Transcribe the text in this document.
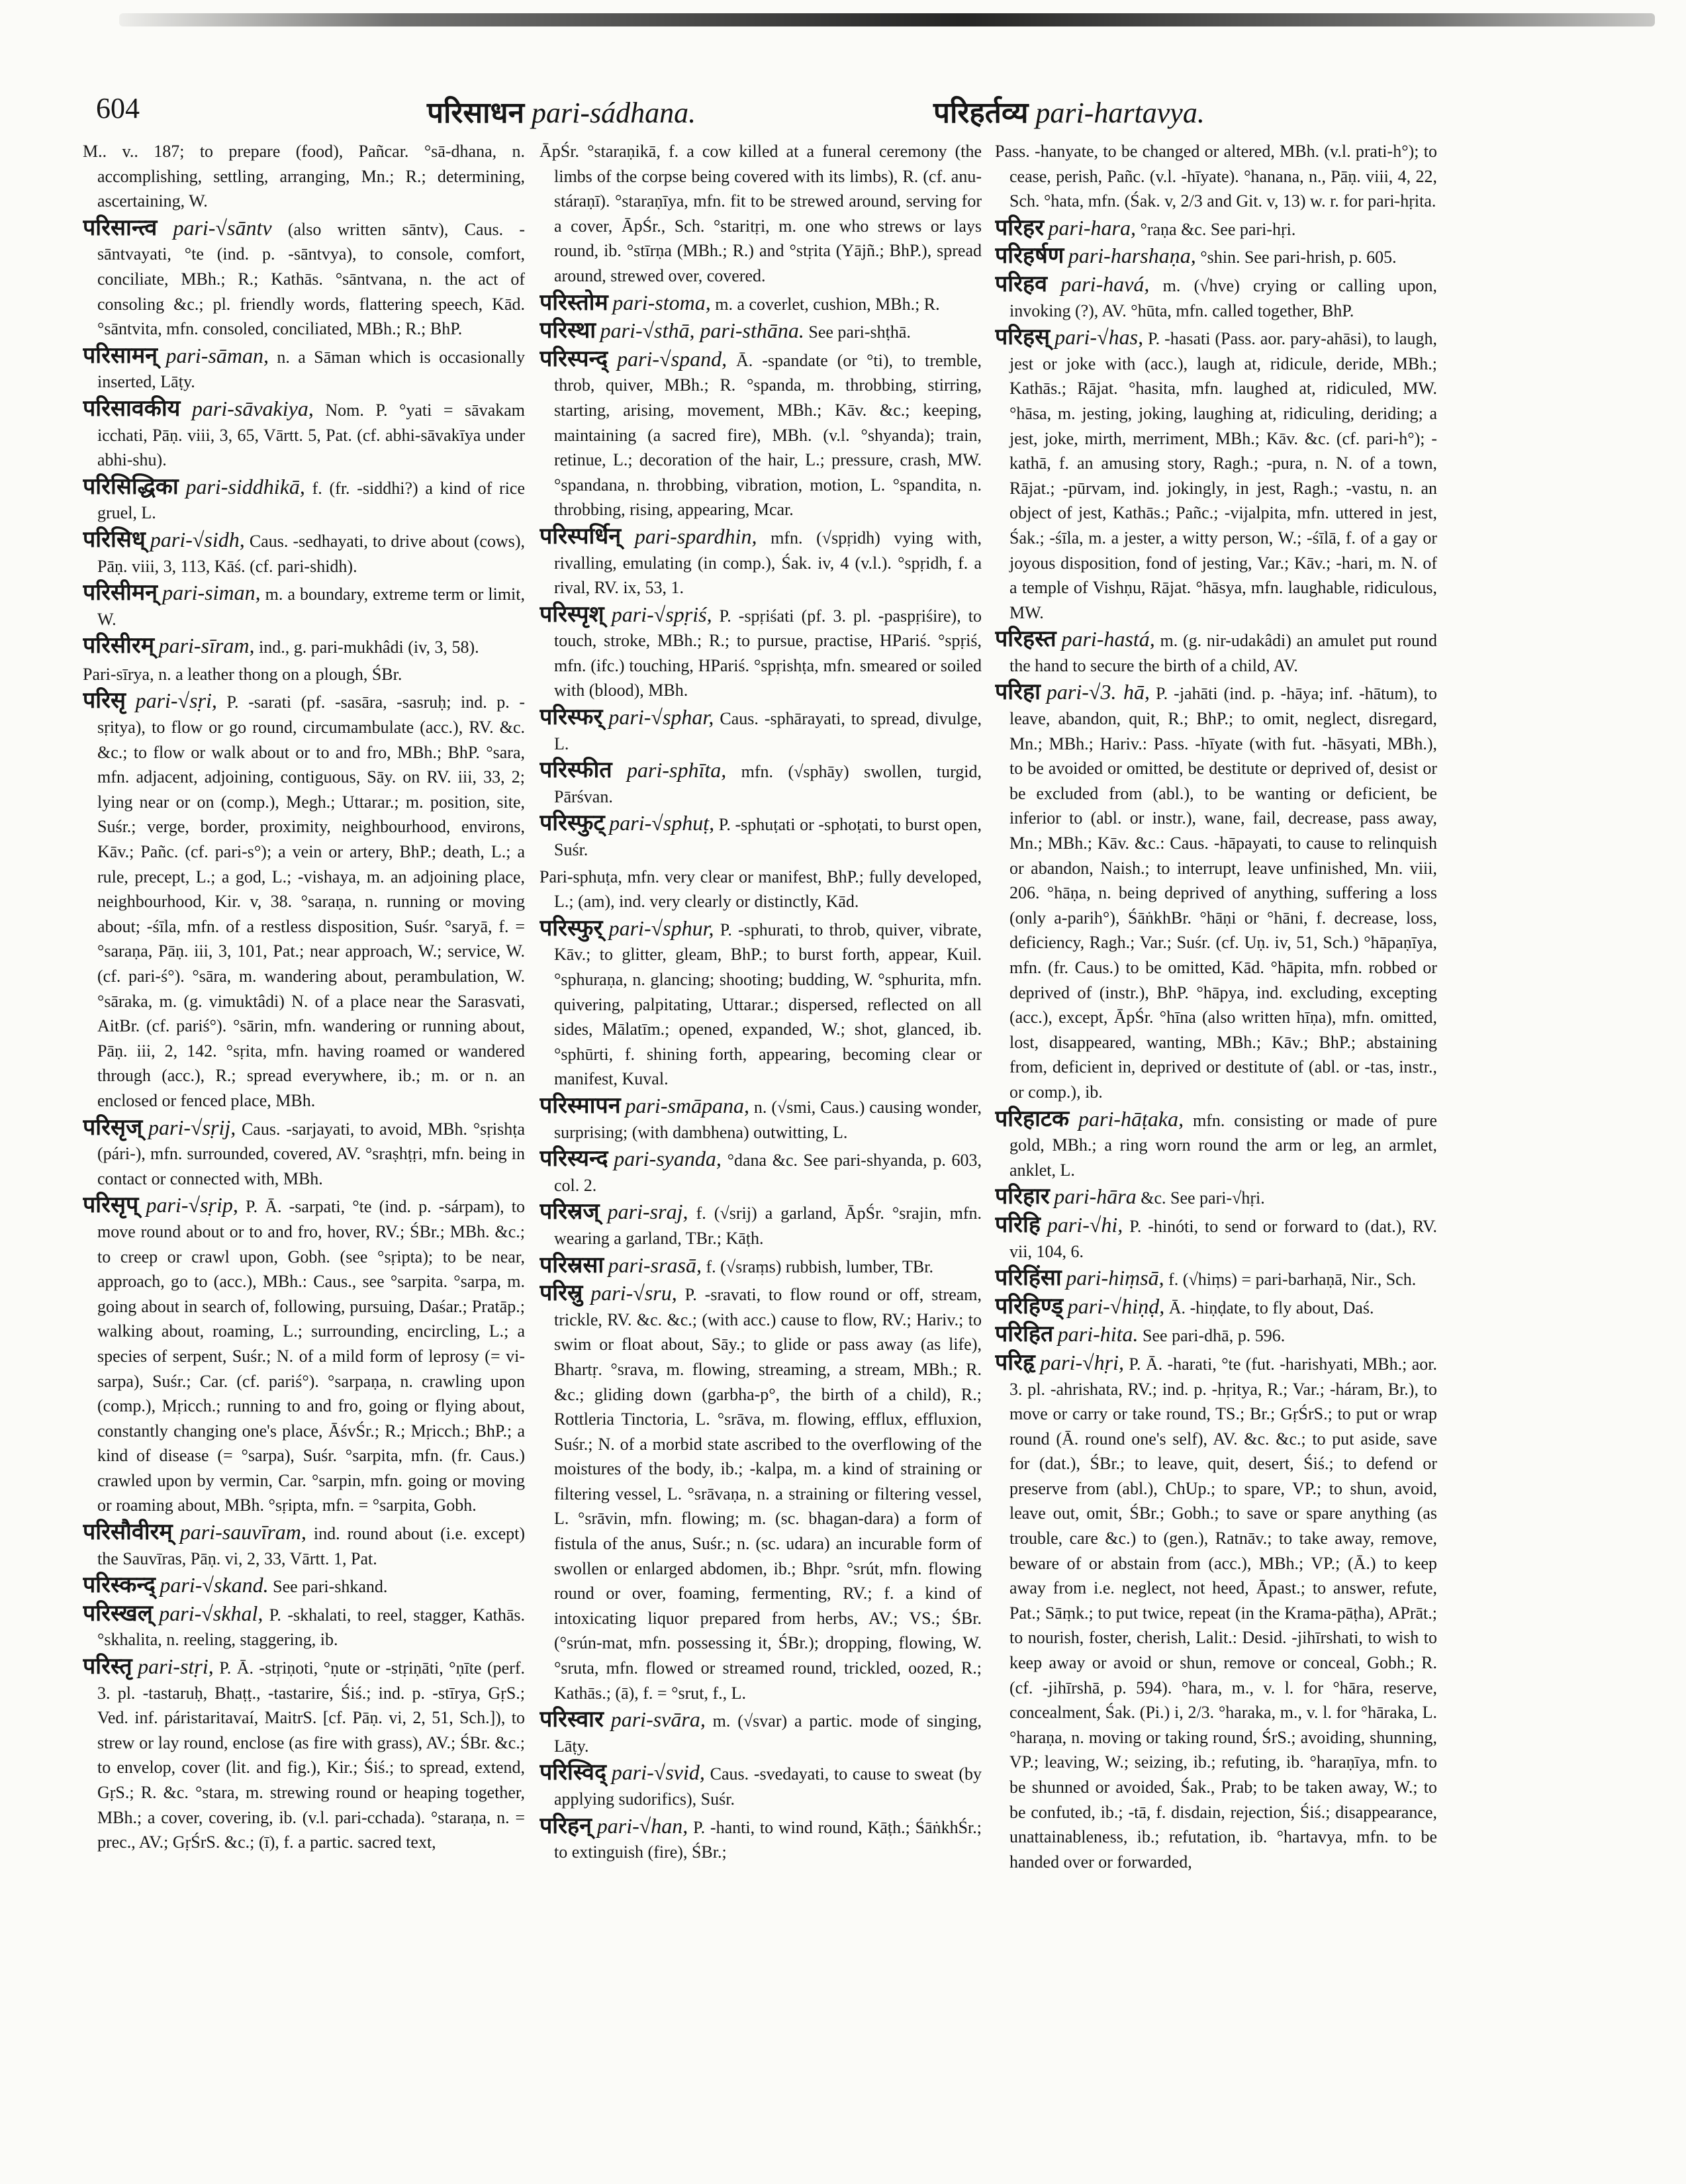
604	परिसाधन pari-sádhana.	परिहर्तव्य pari-hartavya.

M.. v.. 187; to prepare (food), Pañcar. °sā-dhana, n. accomplishing, settling, arranging, Mn.; R.; determining, ascertaining, W.

परिसान्त्व pari-√sāntv (also written sāntv), Caus. -sāntvayati, °te (ind. p. -sāntvya), to console, comfort, conciliate, MBh.; R.; Kathās. °sāntvana, n. the act of consoling &c.; pl. friendly words, flattering speech, Kād. °sāntvita, mfn. consoled, conciliated, MBh.; R.; BhP.

परिसामन् pari-sāman, n. a Sāman which is occasionally inserted, Lāṭy.

परिसावकीय pari-sāvakiya, Nom. P. °yati = sāvakam icchati, Pāṇ. viii, 3, 65, Vārtt. 5, Pat. (cf. abhi-sāvakīya under abhi-shu).

परिसिद्धिका pari-siddhikā, f. (fr. -siddhi?) a kind of rice gruel, L.

परिसिध् pari-√sidh, Caus. -sedhayati, to drive about (cows), Pāṇ. viii, 3, 113, Kāś. (cf. pari-shidh).

परिसीमन् pari-siman, m. a boundary, extreme term or limit, W.

परिसीरम् pari-sīram, ind., g. pari-mukhâdi (iv, 3, 58).

Pari-sīrya, n. a leather thong on a plough, ŚBr.

परिसृ pari-√sṛi, P. -sarati (pf. -sasāra, -sasruḥ; ind. p. -sṛitya), to flow or go round, circumambulate (acc.), RV. &c. &c.; to flow or walk about or to and fro, MBh.; BhP. °sara, mfn. adjacent, adjoining, contiguous, Sāy. on RV. iii, 33, 2; lying near or on (comp.), Megh.; Uttarar.; m. position, site, Suśr.; verge, border, proximity, neighbourhood, environs, Kāv.; Pañc. (cf. pari-s°); a vein or artery, BhP.; death, L.; a rule, precept, L.; a god, L.; -vishaya, m. an adjoining place, neighbourhood, Kir. v, 38. °saraṇa, n. running or moving about; -śīla, mfn. of a restless disposition, Suśr. °saryā, f. = °saraṇa, Pāṇ. iii, 3, 101, Pat.; near approach, W.; service, W. (cf. pari-ś°). °sāra, m. wandering about, perambulation, W. °sāraka, m. (g. vimuktâdi) N. of a place near the Sarasvati, AitBr. (cf. pariś°). °sārin, mfn. wandering or running about, Pāṇ. iii, 2, 142. °sṛita, mfn. having roamed or wandered through (acc.), R.; spread everywhere, ib.; m. or n. an enclosed or fenced place, MBh.

परिसृज् pari-√sṛij, Caus. -sarjayati, to avoid, MBh. °sṛishṭa (pári-), mfn. surrounded, covered, AV. °sraṣhṭṛi, mfn. being in contact or connected with, MBh.

परिसृप् pari-√sṛip, P. Ā. -sarpati, °te (ind. p. -sárpam), to move round about or to and fro, hover, RV.; ŚBr.; MBh. &c.; to creep or crawl upon, Gobh. (see °sṛipta); to be near, approach, go to (acc.), MBh.: Caus., see °sarpita. °sarpa, m. going about in search of, following, pursuing, Daśar.; Pratāp.; walking about, roaming, L.; surrounding, encircling, L.; a species of serpent, Suśr.; N. of a mild form of leprosy (= vi-sarpa), Suśr.; Car. (cf. pariś°). °sarpaṇa, n. crawling upon (comp.), Mṛicch.; running to and fro, going or flying about, constantly changing one's place, ĀśvŚr.; R.; Mṛicch.; BhP.; a kind of disease (= °sarpa), Suśr. °sarpita, mfn. (fr. Caus.) crawled upon by vermin, Car. °sarpin, mfn. going or moving or roaming about, MBh. °sṛipta, mfn. = °sarpita, Gobh.

परिसौवीरम् pari-sauvīram, ind. round about (i.e. except) the Sauvīras, Pāṇ. vi, 2, 33, Vārtt. 1, Pat.

परिस्कन्द् pari-√skand. See pari-shkand.

परिस्खल् pari-√skhal, P. -skhalati, to reel, stagger, Kathās. °skhalita, n. reeling, staggering, ib.

परिस्तृ pari-stṛi, P. Ā. -stṛiṇoti, °ṇute or -stṛiṇāti, °ṇīte (perf. 3. pl. -tastaruḥ, Bhaṭṭ., -tastarire, Śiś.; ind. p. -stīrya, GṛS.; Ved. inf. páristaritavaí, MaitrS. [cf. Pāṇ. vi, 2, 51, Sch.]), to strew or lay round, enclose (as fire with grass), AV.; ŚBr. &c.; to envelop, cover (lit. and fig.), Kir.; Śiś.; to spread, extend, GṛS.; R. &c. °stara, m. strewing round or heaping together, MBh.; a cover, covering, ib. (v.l. pari-cchada). °staraṇa, n. = prec., AV.; GṛŚrS. &c.; (ī), f. a partic. sacred text,

ĀpŚr. °staraṇikā, f. a cow killed at a funeral ceremony (the limbs of the corpse being covered with its limbs), R. (cf. anu-stáraṇī). °staraṇīya, mfn. fit to be strewed around, serving for a cover, ĀpŚr., Sch. °staritṛi, m. one who strews or lays round, ib. °stīrṇa (MBh.; R.) and °stṛita (Yājñ.; BhP.), spread around, strewed over, covered.

परिस्तोम pari-stoma, m. a coverlet, cushion, MBh.; R.

परिस्था pari-√sthā, pari-sthāna. See pari-shṭhā.

परिस्पन्द् pari-√spand, Ā. -spandate (or °ti), to tremble, throb, quiver, MBh.; R. °spanda, m. throbbing, stirring, starting, arising, movement, MBh.; Kāv. &c.; keeping, maintaining (a sacred fire), MBh. (v.l. °shyanda); train, retinue, L.; decoration of the hair, L.; pressure, crash, MW. °spandana, n. throbbing, vibration, motion, L. °spandita, n. throbbing, rising, appearing, Mcar.

परिस्पर्धिन् pari-spardhin, mfn. (√spṛidh) vying with, rivalling, emulating (in comp.), Śak. iv, 4 (v.l.). °spṛidh, f. a rival, RV. ix, 53, 1.

परिस्पृश् pari-√spṛiś, P. -spṛiśati (pf. 3. pl. -paspṛiśire), to touch, stroke, MBh.; R.; to pursue, practise, HPariś. °spṛiś, mfn. (ifc.) touching, HPariś. °spṛishṭa, mfn. smeared or soiled with (blood), MBh.

परिस्फर् pari-√sphar, Caus. -sphārayati, to spread, divulge, L.

परिस्फीत pari-sphīta, mfn. (√sphāy) swollen, turgid, Pārśvan.

परिस्फुट् pari-√sphuṭ, P. -sphuṭati or -sphoṭati, to burst open, Suśr.

Pari-sphuṭa, mfn. very clear or manifest, BhP.; fully developed, L.; (am), ind. very clearly or distinctly, Kād.

परिस्फुर् pari-√sphur, P. -sphurati, to throb, quiver, vibrate, Kāv.; to glitter, gleam, BhP.; to burst forth, appear, Kuil. °sphuraṇa, n. glancing; shooting; budding, W. °sphurita, mfn. quivering, palpitating, Uttarar.; dispersed, reflected on all sides, Mālatīm.; opened, expanded, W.; shot, glanced, ib. °sphūrti, f. shining forth, appearing, becoming clear or manifest, Kuval.

परिस्मापन pari-smāpana, n. (√smi, Caus.) causing wonder, surprising; (with dambhena) outwitting, L.

परिस्यन्द pari-syanda, °dana &c. See pari-shyanda, p. 603, col. 2.

परिस्रज् pari-sraj, f. (√srij) a garland, ĀpŚr. °srajin, mfn. wearing a garland, TBr.; Kāṭh.

परिस्रसा pari-srasā, f. (√sraṃs) rubbish, lumber, TBr.

परिस्रु pari-√sru, P. -sravati, to flow round or off, stream, trickle, RV. &c. &c.; (with acc.) cause to flow, RV.; Hariv.; to swim or float about, Sāy.; to glide or pass away (as life), Bhartṛ. °srava, m. flowing, streaming, a stream, MBh.; R. &c.; gliding down (garbha-p°, the birth of a child), R.; Rottleria Tinctoria, L. °srāva, m. flowing, efflux, effluxion, Suśr.; N. of a morbid state ascribed to the overflowing of the moistures of the body, ib.; -kalpa, m. a kind of straining or filtering vessel, L. °srāvaṇa, n. a straining or filtering vessel, L. °srāvin, mfn. flowing; m. (sc. bhagan-dara) a form of fistula of the anus, Suśr.; n. (sc. udara) an incurable form of swollen or enlarged abdomen, ib.; Bhpr. °srút, mfn. flowing round or over, foaming, fermenting, RV.; f. a kind of intoxicating liquor prepared from herbs, AV.; VS.; ŚBr. (°srún-mat, mfn. possessing it, ŚBr.); dropping, flowing, W. °sruta, mfn. flowed or streamed round, trickled, oozed, R.; Kathās.; (ā), f. = °srut, f., L.

परिस्वार pari-svāra, m. (√svar) a partic. mode of singing, Lāṭy.

परिस्विद् pari-√svid, Caus. -svedayati, to cause to sweat (by applying sudorifics), Suśr.

परिहन् pari-√han, P. -hanti, to wind round, Kāṭh.; ŚāṅkhŚr.; to extinguish (fire), ŚBr.;

Pass. -hanyate, to be changed or altered, MBh. (v.l. prati-h°); to cease, perish, Pañc. (v.l. -hīyate). °hanana, n., Pāṇ. viii, 4, 22, Sch. °hata, mfn. (Śak. v, 2/3 and Git. v, 13) w. r. for pari-hṛita.

परिहर pari-hara, °raṇa &c. See pari-hṛi.

परिहर्षण pari-harshaṇa, °shin. See pari-hrish, p. 605.

परिहव pari-havá, m. (√hve) crying or calling upon, invoking (?), AV. °hūta, mfn. called together, BhP.

परिहस् pari-√has, P. -hasati (Pass. aor. pary-ahāsi), to laugh, jest or joke with (acc.), laugh at, ridicule, deride, MBh.; Kathās.; Rājat. °hasita, mfn. laughed at, ridiculed, MW. °hāsa, m. jesting, joking, laughing at, ridiculing, deriding; a jest, joke, mirth, merriment, MBh.; Kāv. &c. (cf. pari-h°); -kathā, f. an amusing story, Ragh.; -pura, n. N. of a town, Rājat.; -pūrvam, ind. jokingly, in jest, Ragh.; -vastu, n. an object of jest, Kathās.; Pañc.; -vijalpita, mfn. uttered in jest, Śak.; -śīla, m. a jester, a witty person, W.; -śīlā, f. of a gay or joyous disposition, fond of jesting, Var.; Kāv.; -hari, m. N. of a temple of Vishṇu, Rājat. °hāsya, mfn. laughable, ridiculous, MW.

परिहस्त pari-hastá, m. (g. nir-udakâdi) an amulet put round the hand to secure the birth of a child, AV.

परिहा pari-√3. hā, P. -jahāti (ind. p. -hāya; inf. -hātum), to leave, abandon, quit, R.; BhP.; to omit, neglect, disregard, Mn.; MBh.; Hariv.: Pass. -hīyate (with fut. -hāsyati, MBh.), to be avoided or omitted, be destitute or deprived of, desist or be excluded from (abl.), to be wanting or deficient, be inferior to (abl. or instr.), wane, fail, decrease, pass away, Mn.; MBh.; Kāv. &c.: Caus. -hāpayati, to cause to relinquish or abandon, Naish.; to interrupt, leave unfinished, Mn. viii, 206. °hāṇa, n. being deprived of anything, suffering a loss (only a-parih°), ŚāṅkhBr. °hāṇi or °hāni, f. decrease, loss, deficiency, Ragh.; Var.; Suśr. (cf. Uṇ. iv, 51, Sch.) °hāpaṇīya, mfn. (fr. Caus.) to be omitted, Kād. °hāpita, mfn. robbed or deprived of (instr.), BhP. °hāpya, ind. excluding, excepting (acc.), except, ĀpŚr. °hīna (also written hīṇa), mfn. omitted, lost, disappeared, wanting, MBh.; Kāv.; BhP.; abstaining from, deficient in, deprived or destitute of (abl. or -tas, instr., or comp.), ib.

परिहाटक pari-hāṭaka, mfn. consisting or made of pure gold, MBh.; a ring worn round the arm or leg, an armlet, anklet, L.

परिहार pari-hāra &c. See pari-√hṛi.

परिहि pari-√hi, P. -hinóti, to send or forward to (dat.), RV. vii, 104, 6.

परिहिंसा pari-hiṃsā, f. (√hiṃs) = pari-barhaṇā, Nir., Sch.

परिहिण्ड् pari-√hiṇḍ, Ā. -hiṇḍate, to fly about, Daś.

परिहित pari-hita. See pari-dhā, p. 596.

परिहृ pari-√hṛi, P. Ā. -harati, °te (fut. -harishyati, MBh.; aor. 3. pl. -ahrishata, RV.; ind. p. -hṛitya, R.; Var.; -háram, Br.), to move or carry or take round, TS.; Br.; GṛŚrS.; to put or wrap round (Ā. round one's self), AV. &c. &c.; to put aside, save for (dat.), ŚBr.; to leave, quit, desert, Śiś.; to defend or preserve from (abl.), ChUp.; to spare, VP.; to shun, avoid, leave out, omit, ŚBr.; Gobh.; to save or spare anything (as trouble, care &c.) to (gen.), Ratnāv.; to take away, remove, beware of or abstain from (acc.), MBh.; VP.; (Ā.) to keep away from i.e. neglect, not heed, Āpast.; to answer, refute, Pat.; Sāṃk.; to put twice, repeat (in the Krama-pāṭha), APrāt.; to nourish, foster, cherish, Lalit.: Desid. -jihīrshati, to wish to keep away or avoid or shun, remove or conceal, Gobh.; R. (cf. -jihīrshā, p. 594). °hara, m., v. l. for °hāra, reserve, concealment, Śak. (Pi.) i, 2/3. °haraka, m., v. l. for °hāraka, L. °haraṇa, n. moving or taking round, ŚrS.; avoiding, shunning, VP.; leaving, W.; seizing, ib.; refuting, ib. °haraṇīya, mfn. to be shunned or avoided, Śak., Prab; to be taken away, W.; to be confuted, ib.; -tā, f. disdain, rejection, Śiś.; disappearance, unattainableness, ib.; refutation, ib. °hartavya, mfn. to be handed over or forwarded,
